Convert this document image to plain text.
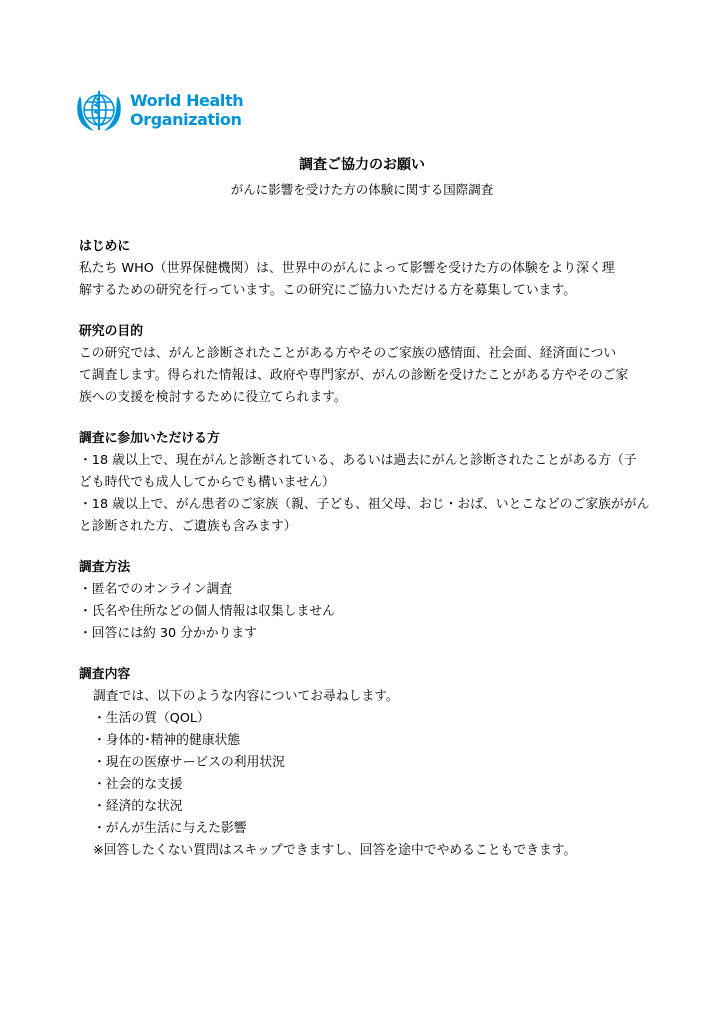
World Health
Organization
調査ご協力のお願い
がんに影響を受けた方の体験に関する国際調査
はじめに
私たち WHO（世界保健機関）は、世界中のがんによって影響を受けた方の体験をより深く理
解するための研究を行っています。この研究にご協力いただける方を募集しています。
研究の目的
この研究では、がんと診断されたことがある方やそのご家族の感情面、社会面、経済面につい
て調査します。得られた情報は、政府や専門家が、がんの診断を受けたことがある方やそのご家
族への支援を検討するために役立てられます。
調査に参加いただける方
・18 歳以上で、現在がんと診断されている、あるいは過去にがんと診断されたことがある方（子
ども時代でも成人してからでも構いません）
・18 歳以上で、がん患者のご家族（親、子ども、祖父母、おじ・おば、いとこなどのご家族ががん
と診断された方、ご遺族も含みます）
調査方法
・匿名でのオンライン調査
・氏名や住所などの個人情報は収集しません
・回答には約 30 分かかります
調査内容
調査では、以下のような内容についてお尋ねします。
・生活の質（QOL）
・身体的･精神的健康状態
・現在の医療サービスの利用状況
・社会的な支援
・経済的な状況
・がんが生活に与えた影響
※回答したくない質問はスキップできますし、回答を途中でやめることもできます。
